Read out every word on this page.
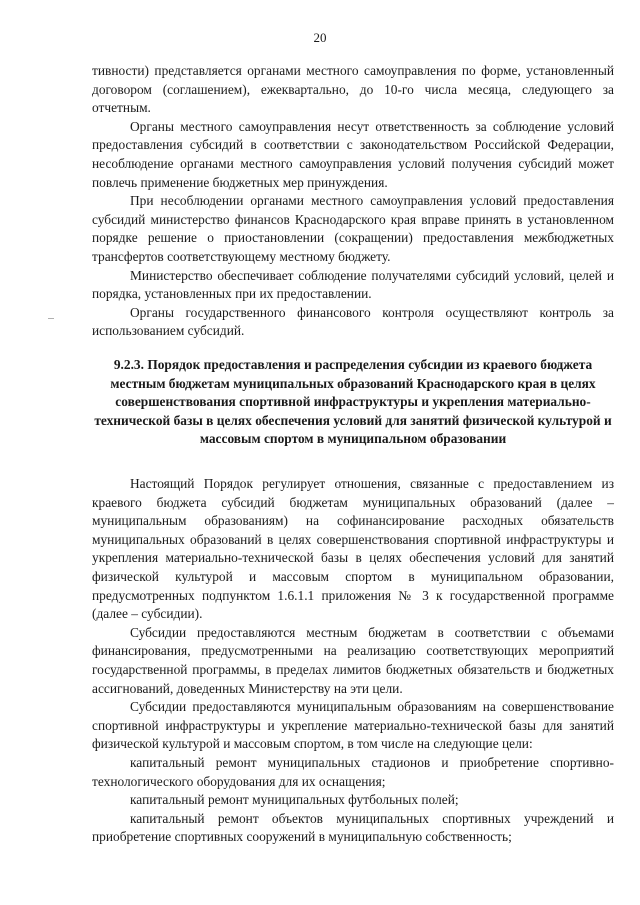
20

тивности) представляется органами местного самоуправления по форме, установленный договором (соглашением), ежеквартально, до 10-го числа месяца, следующего за отчетным.

Органы местного самоуправления несут ответственность за соблюдение условий предоставления субсидий в соответствии с законодательством Российской Федерации, несоблюдение органами местного самоуправления условий получения субсидий может повлечь применение бюджетных мер принуждения.

При несоблюдении органами местного самоуправления условий предоставления субсидий министерство финансов Краснодарского края вправе принять в установленном порядке решение о приостановлении (сокращении) предоставления межбюджетных трансфертов соответствующему местному бюджету.

Министерство обеспечивает соблюдение получателями субсидий условий, целей и порядка, установленных при их предоставлении.

Органы государственного финансового контроля осуществляют контроль за использованием субсидий.

9.2.3. Порядок предоставления и распределения субсидии из краевого бюджета местным бюджетам муниципальных образований Краснодарского края в целях совершенствования спортивной инфраструктуры и укрепления материально-технической базы в целях обеспечения условий для занятий физической культурой и массовым спортом в муниципальном образовании

Настоящий Порядок регулирует отношения, связанные с предоставлением из краевого бюджета субсидий бюджетам муниципальных образований (далее – муниципальным образованиям) на софинансирование расходных обязательств муниципальных образований в целях совершенствования спортивной инфраструктуры и укрепления материально-технической базы в целях обеспечения условий для занятий физической культурой и массовым спортом в муниципальном образовании, предусмотренных подпунктом 1.6.1.1 приложения № 3 к государственной программе (далее – субсидии).

Субсидии предоставляются местным бюджетам в соответствии с объемами финансирования, предусмотренными на реализацию соответствующих мероприятий государственной программы, в пределах лимитов бюджетных обязательств и бюджетных ассигнований, доведенных Министерству на эти цели.

Субсидии предоставляются муниципальным образованиям на совершенствование спортивной инфраструктуры и укрепление материально-технической базы для занятий физической культурой и массовым спортом, в том числе на следующие цели:

капитальный ремонт муниципальных стадионов и приобретение спортивно-технологического оборудования для их оснащения;

капитальный ремонт муниципальных футбольных полей;

капитальный ремонт объектов муниципальных спортивных учреждений и приобретение спортивных сооружений в муниципальную собственность;
